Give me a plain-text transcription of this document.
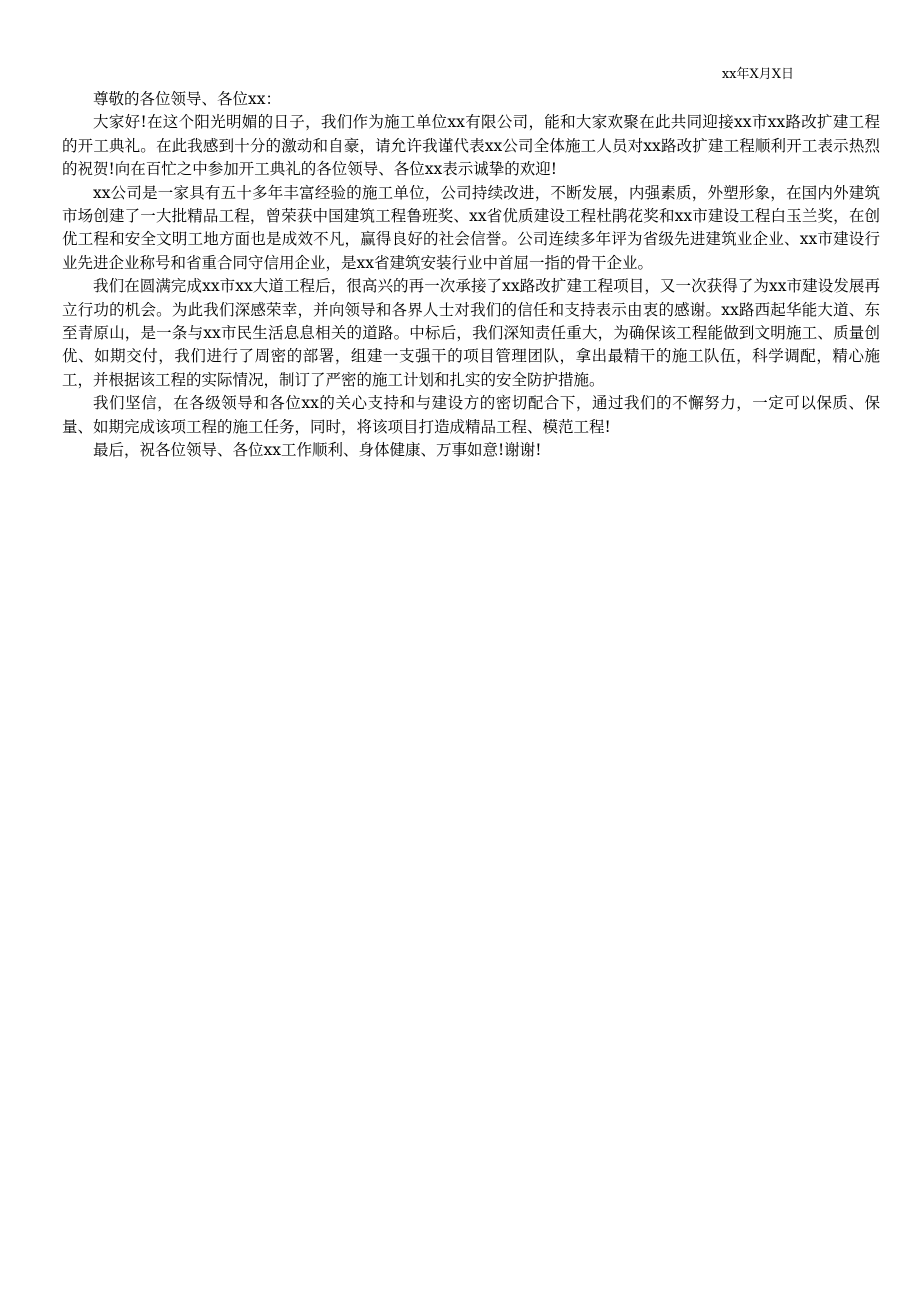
xx年X月X日

尊敬的各位领导、各位xx：

大家好!在这个阳光明媚的日子，我们作为施工单位xx有限公司，能和大家欢聚在此共同迎接xx市xx路改扩建工程的开工典礼。在此我感到十分的激动和自豪，请允许我谨代表xx公司全体施工人员对xx路改扩建工程顺利开工表示热烈的祝贺!向在百忙之中参加开工典礼的各位领导、各位xx表示诚挚的欢迎!

xx公司是一家具有五十多年丰富经验的施工单位，公司持续改进，不断发展，内强素质，外塑形象，在国内外建筑市场创建了一大批精品工程，曾荣获中国建筑工程鲁班奖、xx省优质建设工程杜鹃花奖和xx市建设工程白玉兰奖，在创优工程和安全文明工地方面也是成效不凡，赢得良好的社会信誉。公司连续多年评为省级先进建筑业企业、xx市建设行业先进企业称号和省重合同守信用企业，是xx省建筑安装行业中首屈一指的骨干企业。

我们在圆满完成xx市xx大道工程后，很高兴的再一次承接了xx路改扩建工程项目，又一次获得了为xx市建设发展再立行功的机会。为此我们深感荣幸，并向领导和各界人士对我们的信任和支持表示由衷的感谢。xx路西起华能大道、东至青原山，是一条与xx市民生活息息相关的道路。中标后，我们深知责任重大，为确保该工程能做到文明施工、质量创优、如期交付，我们进行了周密的部署，组建一支强干的项目管理团队，拿出最精干的施工队伍，科学调配，精心施工，并根据该工程的实际情况，制订了严密的施工计划和扎实的安全防护措施。

我们坚信，在各级领导和各位xx的关心支持和与建设方的密切配合下，通过我们的不懈努力，一定可以保质、保量、如期完成该项工程的施工任务，同时，将该项目打造成精品工程、模范工程!

最后，祝各位领导、各位xx工作顺利、身体健康、万事如意!谢谢!
